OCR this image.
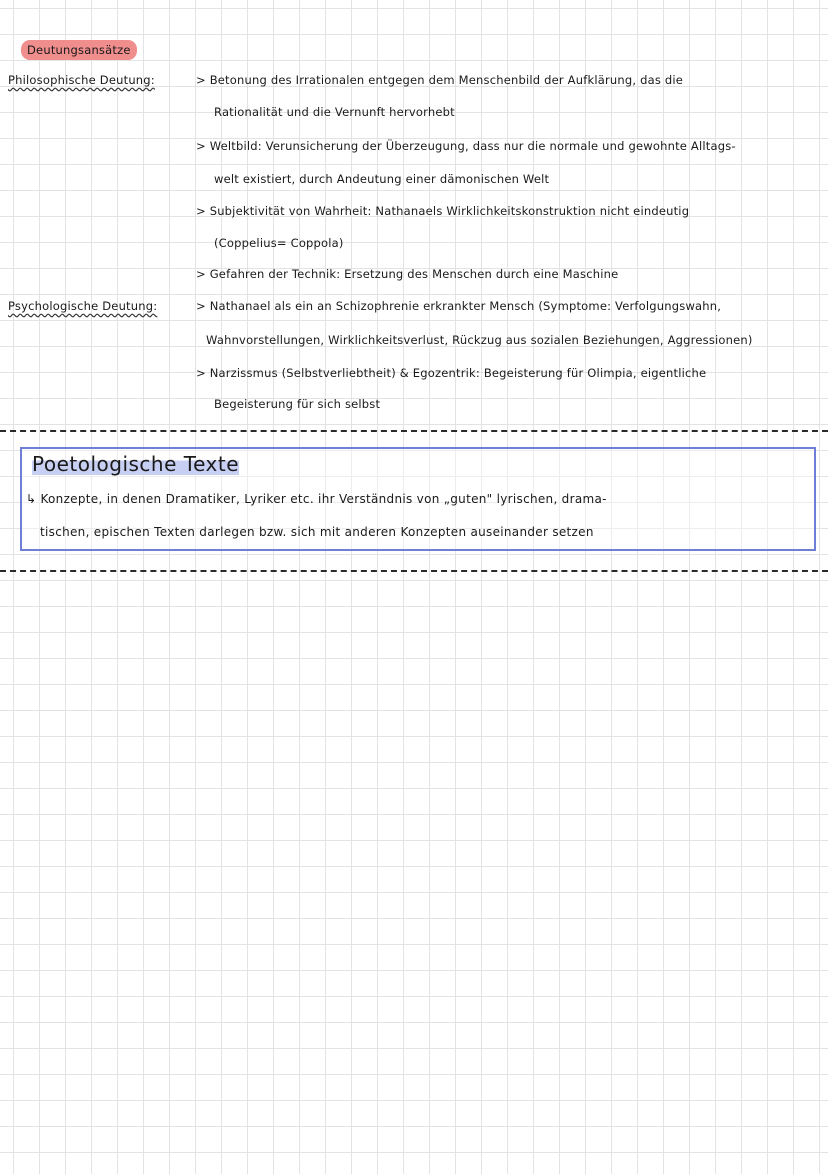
Deutungsansätze
Philosophische Deutung:	> Betonung des Irrationalen entgegen dem Menschenbild der Aufklärung, das die
Rationalität und die Vernunft hervorhebt
> Weltbild: Verunsicherung der Überzeugung, dass nur die normale und gewohnte Alltags-
welt existiert, durch Andeutung einer dämonischen Welt
> Subjektivität von Wahrheit: Nathanaels Wirklichkeitskonstruktion nicht eindeutig
(Coppelius= Coppola)
> Gefahren der Technik: Ersetzung des Menschen durch eine Maschine
Psychologische Deutung:	> Nathanael als ein an Schizophrenie erkrankter Mensch (Symptome: Verfolgungswahn,
Wahnvorstellungen, Wirklichkeitsverlust, Rückzug aus sozialen Beziehungen, Aggressionen)
> Narzissmus (Selbstverliebtheit) & Egozentrik: Begeisterung für Olimpia, eigentliche
Begeisterung für sich selbst
Poetologische Texte
↳ Konzepte, in denen Dramatiker, Lyriker etc. ihr Verständnis von „guten" lyrischen, drama-
tischen, epischen Texten darlegen bzw. sich mit anderen Konzepten auseinander setzen
